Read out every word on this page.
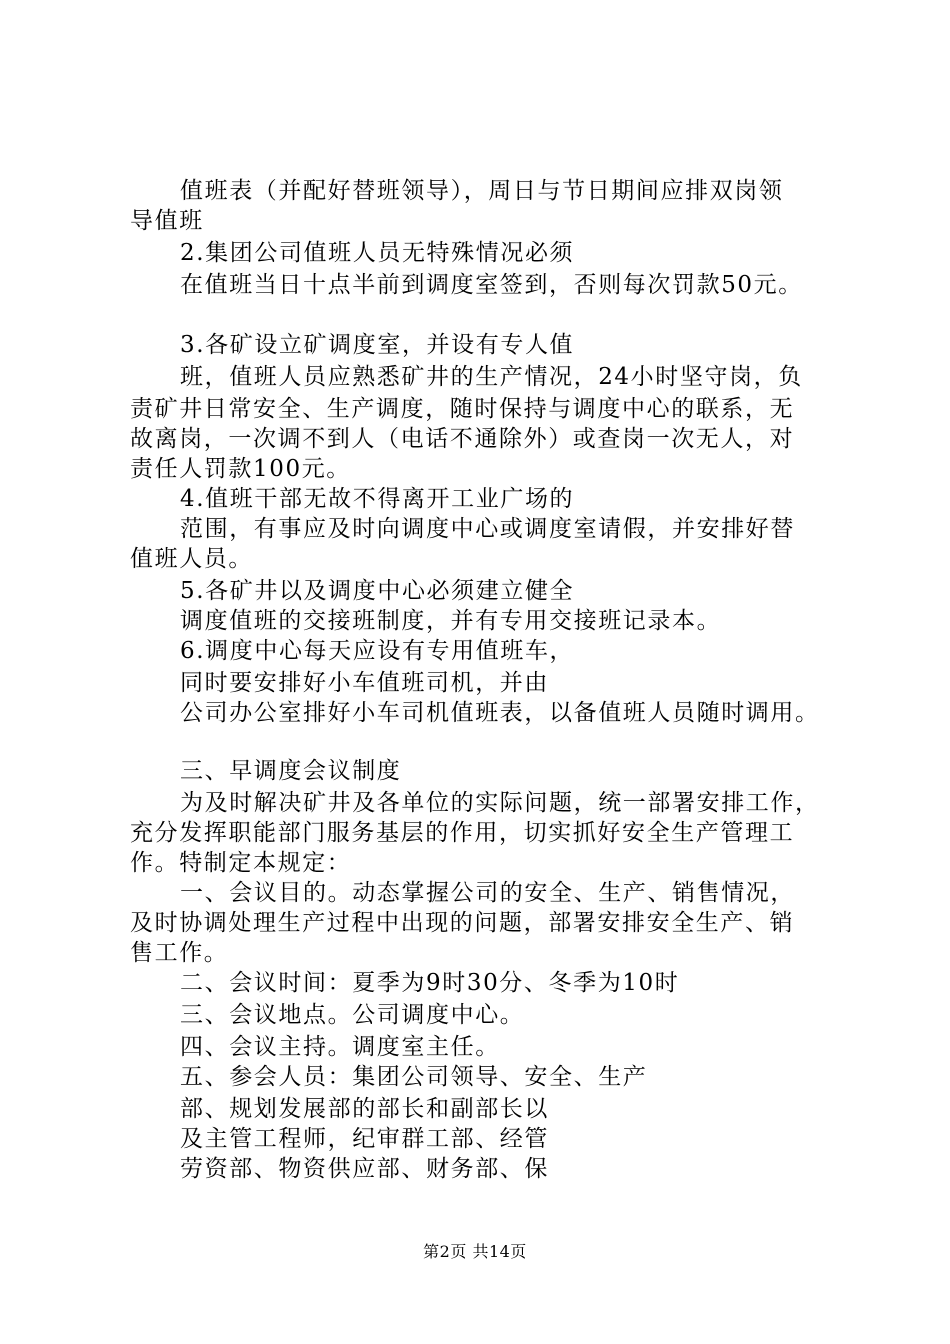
值班表（并配好替班领导），周日与节日期间应排双岗领
导值班
2.集团公司值班人员无特殊情况必须
在值班当日十点半前到调度室签到，否则每次罚款50元。
3.各矿设立矿调度室，并设有专人值
班，值班人员应熟悉矿井的生产情况，24小时坚守岗，负
责矿井日常安全、生产调度，随时保持与调度中心的联系，无
故离岗，一次调不到人（电话不通除外）或查岗一次无人，对
责任人罚款100元。
4.值班干部无故不得离开工业广场的
范围，有事应及时向调度中心或调度室请假，并安排好替
值班人员。
5.各矿井以及调度中心必须建立健全
调度值班的交接班制度，并有专用交接班记录本。
6.调度中心每天应设有专用值班车，
同时要安排好小车值班司机，并由
公司办公室排好小车司机值班表，以备值班人员随时调用。
三、早调度会议制度
为及时解决矿井及各单位的实际问题，统一部署安排工作，
充分发挥职能部门服务基层的作用，切实抓好安全生产管理工
作。特制定本规定：
一、会议目的。动态掌握公司的安全、生产、销售情况，
及时协调处理生产过程中出现的问题，部署安排安全生产、销
售工作。
二、会议时间：夏季为9时30分、冬季为10时
三、会议地点。公司调度中心。
四、会议主持。调度室主任。
五、参会人员：集团公司领导、安全、生产
部、规划发展部的部长和副部长以
及主管工程师，纪审群工部、经管
劳资部、物资供应部、财务部、保
第2页 共14页
